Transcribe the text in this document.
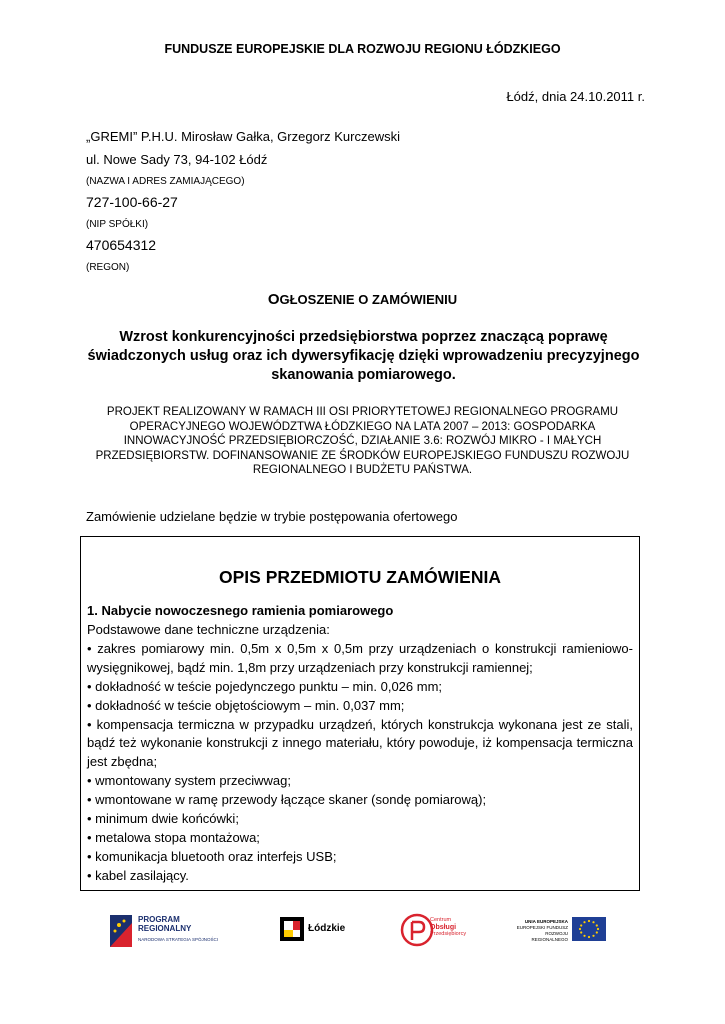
FUNDUSZE EUROPEJSKIE DLA ROZWOJU REGIONU ŁÓDZKIEGO
Łódź, dnia 24.10.2011 r.
„GREMI” P.H.U. Mirosław Gałka, Grzegorz Kurczewski
ul. Nowe Sady 73, 94-102 Łódź
(NAZWA I ADRES ZAMIAJĄCEGO)
727-100-66-27
(NIP SPÓŁKI)
470654312
(REGON)
OGŁOSZENIE O ZAMÓWIENIU
Wzrost konkurencyjności przedsiębiorstwa poprzez znaczącą poprawę świadczonych usług oraz ich dywersyfikację dzięki wprowadzeniu precyzyjnego skanowania pomiarowego.
PROJEKT REALIZOWANY W RAMACH III OSI PRIORYTETOWEJ REGIONALNEGO PROGRAMU OPERACYJNEGO WOJEWÓDZTWA ŁÓDZKIEGO NA LATA 2007 – 2013: GOSPODARKA INNOWACYJNOŚĆ PRZEDSIĘBIORCZOŚĆ, DZIAŁANIE 3.6: ROZWÓJ MIKRO - I MAŁYCH PRZEDSIĘBIORSTW. DOFINANSOWANIE ZE ŚRODKÓW EUROPEJSKIEGO FUNDUSZU ROZWOJU REGIONALNEGO I BUDŻETU PAŃSTWA.
Zamówienie udzielane będzie w trybie postępowania ofertowego
OPIS PRZEDMIOTU ZAMÓWIENIA
1. Nabycie nowoczesnego ramienia pomiarowego

Podstawowe dane techniczne urządzenia:

• zakres pomiarowy min. 0,5m x 0,5m x 0,5m przy urządzeniach o konstrukcji ramieniowo-wysięgnikowej, bądź min. 1,8m przy urządzeniach przy konstrukcji ramiennej;

• dokładność w teście pojedynczego punktu – min. 0,026 mm;

• dokładność w teście objętościowym – min. 0,037 mm;

• kompensacja termiczna w przypadku urządzeń, których konstrukcja wykonana jest ze stali, bądź też wykonanie konstrukcji z innego materiału, który powoduje, iż kompensacja termiczna jest zbędna;

• wmontowany system przeciwwag;

• wmontowane w ramę przewody łączące skaner (sondę pomiarową);

• minimum dwie końcówki;

• metalowa stopa montażowa;

• komunikacja bluetooth oraz interfejs USB;

• kabel zasilający.

PROGRAM
REGIONALNY
NARODOWA STRATEGIA SPÓJNOŚCI
Łódzkie
Centrum
Obsługi
Przedsiębiorcy
UNIA EUROPEJSKA
EUROPEJSKI FUNDUSZ
ROZWOJU REGIONALNEGO
